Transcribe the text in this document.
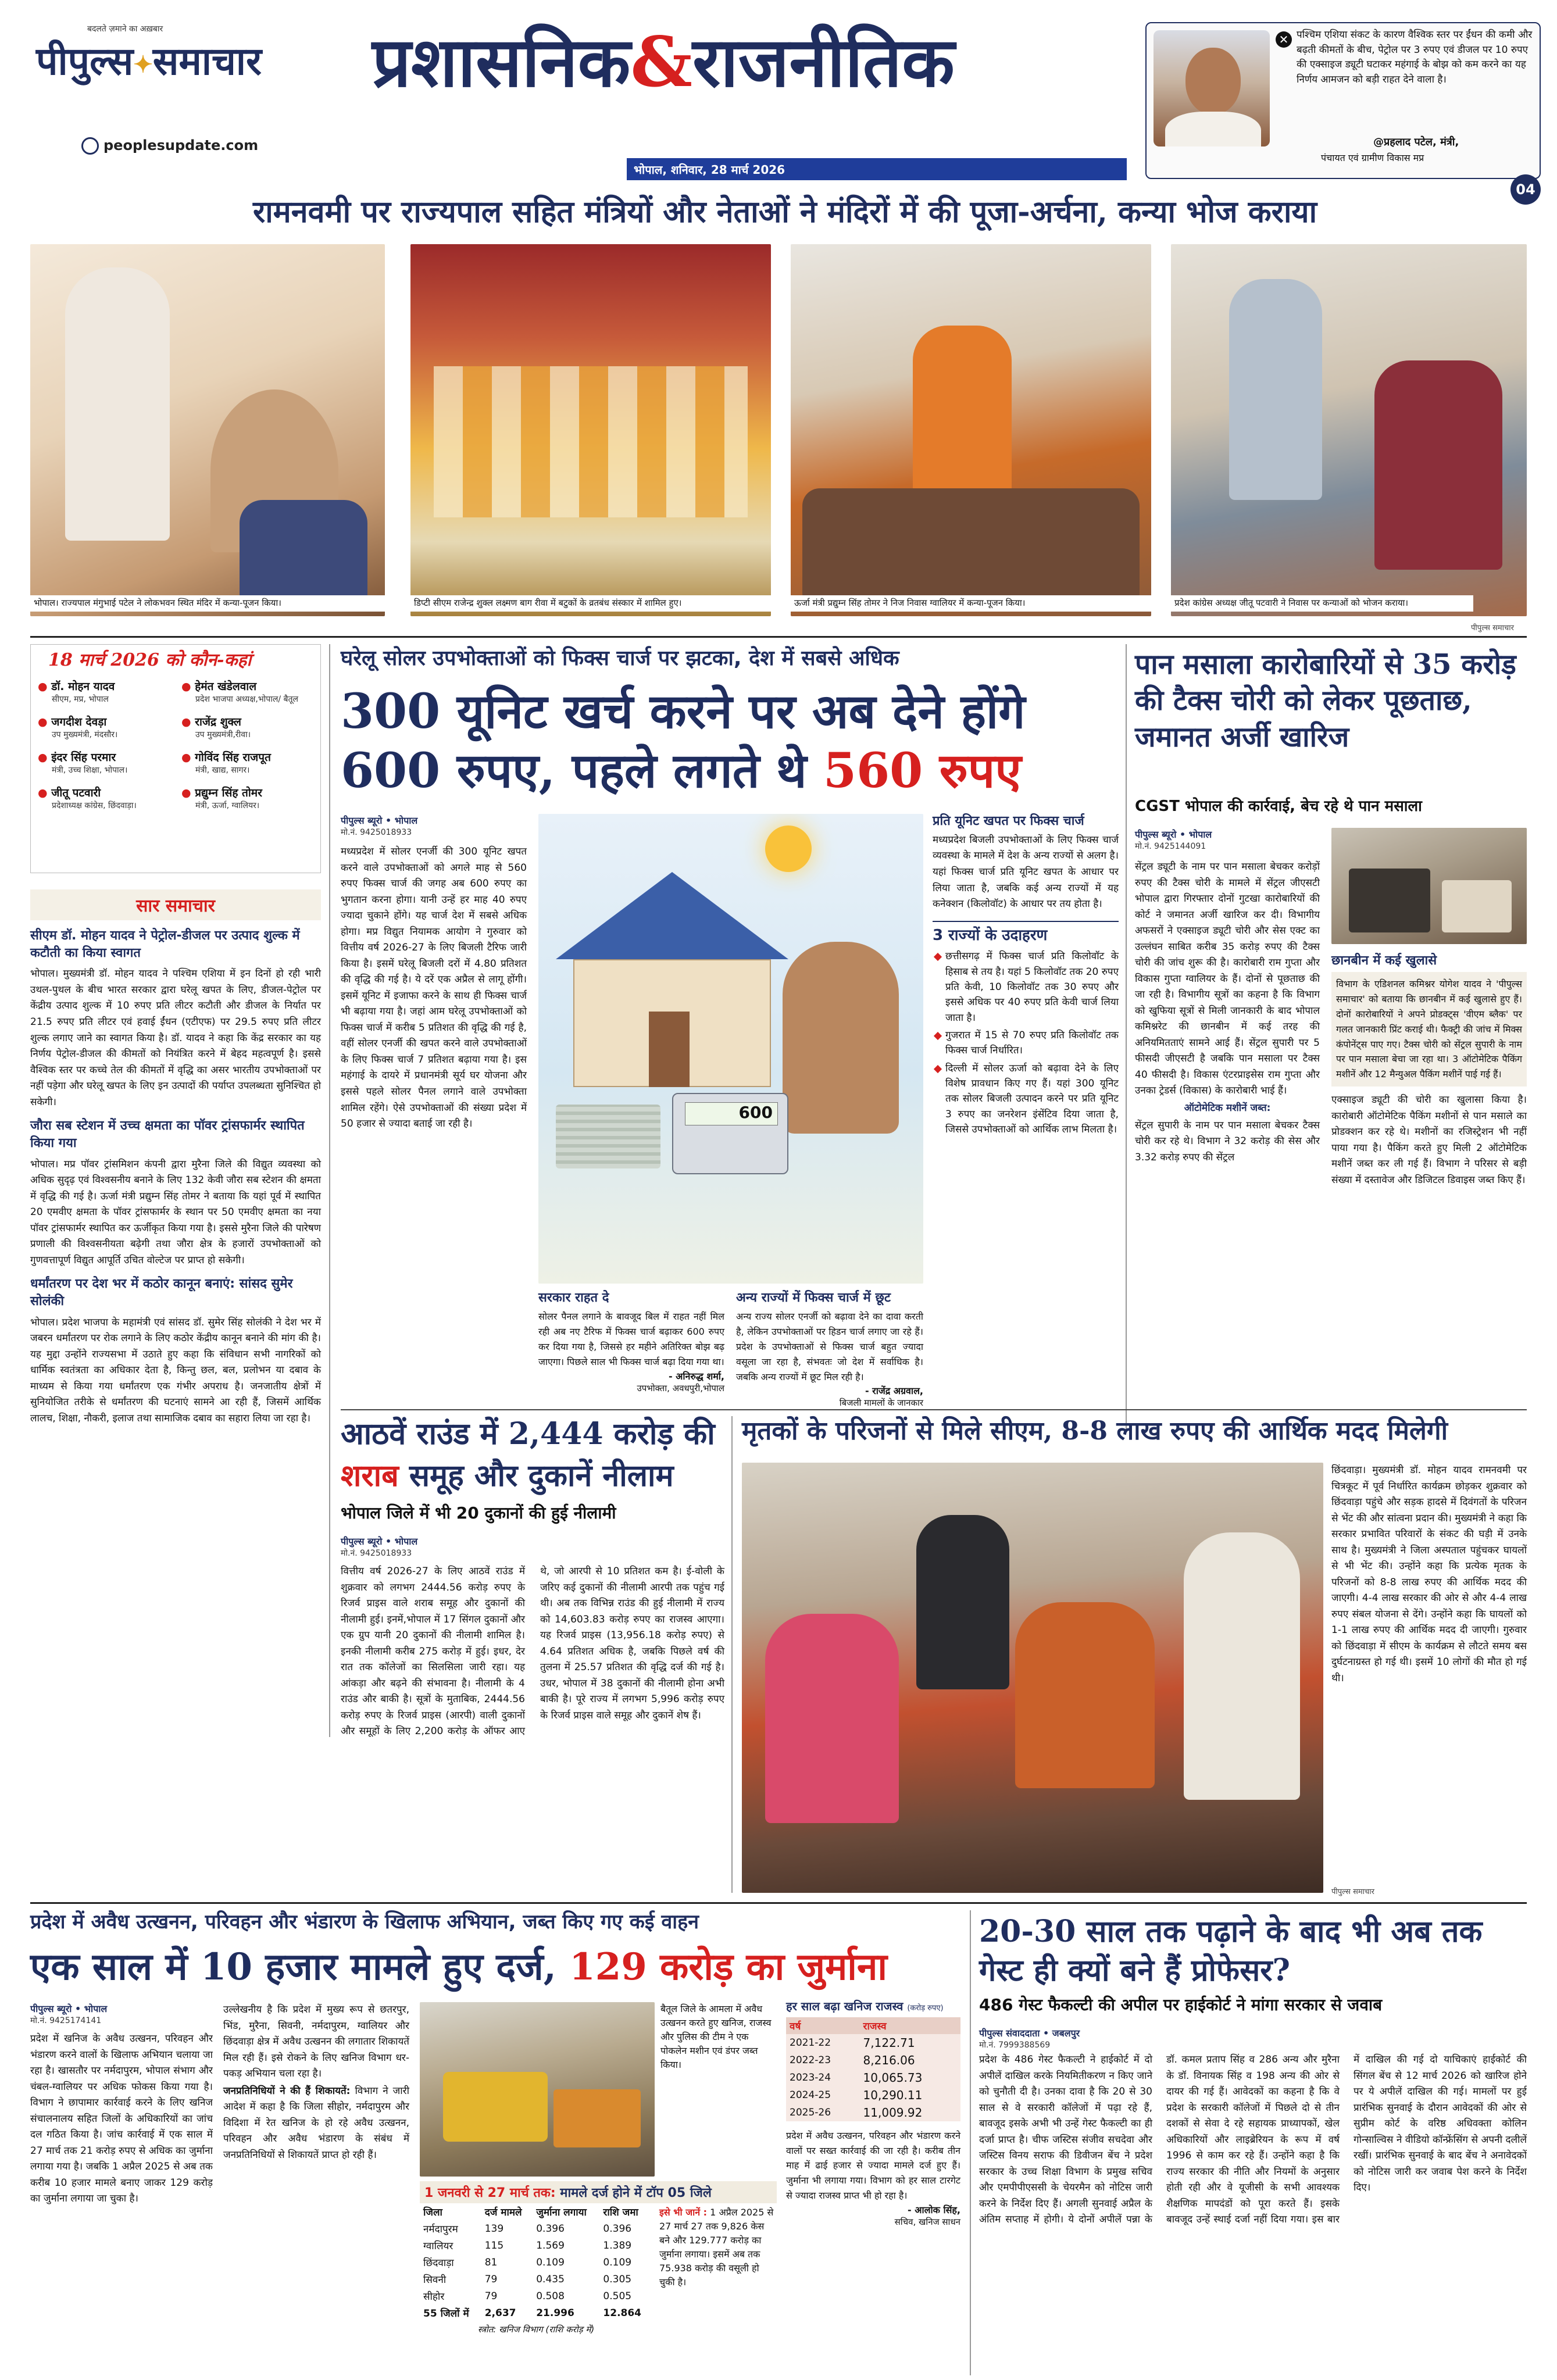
बदलते ज़माने का अख़बार
पीपुल्स✦समाचार
peoplesupdate.com
प्रशासनिक&राजनीतिक
भोपाल, शनिवार, 28 मार्च 2026
✕ पश्चिम एशिया संकट के कारण वैश्विक स्तर पर ईंधन की कमी और बढ़ती कीमतों के बीच, पेट्रोल पर 3 रुपए एवं डीजल पर 10 रुपए की एक्साइज ड्यूटी घटाकर महंगाई के बोझ को कम करने का यह निर्णय आमजन को बड़ी राहत देने वाला है।
@प्रहलाद पटेल, मंत्री,
पंचायत एवं ग्रामीण विकास मप्र
04
रामनवमी पर राज्यपाल सहित मंत्रियों और नेताओं ने मंदिरों में की पूजा-अर्चना, कन्या भोज कराया
भोपाल। राज्यपाल मंगुभाई पटेल ने लोकभवन स्थित मंदिर में कन्या-पूजन किया।	डिप्टी सीएम राजेन्द्र शुक्ल लक्ष्मण बाग रीवा में बटुकों के व्रतबंध संस्कार में शामिल हुए।	ऊर्जा मंत्री प्रद्युम्न सिंह तोमर ने निज निवास ग्वालियर में कन्या-पूजन किया।	प्रदेश कांग्रेस अध्यक्ष जीतू पटवारी ने निवास पर कन्याओं को भोजन कराया।
पीपुल्स समाचार
18 मार्च 2026 को कौन-कहां
● डॉ. मोहन यादव
सीएम, मप्र, भोपाल
● हेमंत खंडेलवाल
प्रदेश भाजपा अध्यक्ष,भोपाल/ बैतूल
● जगदीश देवड़ा
उप मुख्यमंत्री, मंदसौर।
● राजेंद्र शुक्ल
उप मुख्यमंत्री,रीवा।
● इंदर सिंह परमार
मंत्री, उच्च शिक्षा, भोपाल।
● गोविंद सिंह राजपूत
मंत्री, खाद्य, सागर।
● जीतू पटवारी
प्रदेशाध्यक्ष कांग्रेस, छिंदवाड़ा।
● प्रद्युम्न सिंह तोमर
मंत्री, ऊर्जा, ग्वालियर।
सार समाचार
सीएम डॉ. मोहन यादव ने पेट्रोल-डीजल पर उत्पाद शुल्क में कटौती का किया स्वागत
भोपाल। मुख्यमंत्री डॉ. मोहन यादव ने पश्चिम एशिया में इन दिनों हो रही भारी उथल-पुथल के बीच भारत सरकार द्वारा घरेलू खपत के लिए, डीजल-पेट्रोल पर केंद्रीय उत्पाद शुल्क में 10 रुपए प्रति लीटर कटौती और डीजल के निर्यात पर 21.5 रुपए प्रति लीटर एवं हवाई ईंधन (एटीएफ) पर 29.5 रुपए प्रति लीटर शुल्क लगाए जाने का स्वागत किया है। डॉ. यादव ने कहा कि केंद्र सरकार का यह निर्णय पेट्रोल-डीजल की कीमतों को नियंत्रित करने में बेहद महत्वपूर्ण है। इससे वैश्विक स्तर पर कच्चे तेल की कीमतों में वृद्धि का असर भारतीय उपभोक्ताओं पर नहीं पड़ेगा और घरेलू खपत के लिए इन उत्पादों की पर्याप्त उपलब्धता सुनिश्चित हो सकेगी।
जौरा सब स्टेशन में उच्च क्षमता का पॉवर ट्रांसफार्मर स्थापित किया गया
भोपाल। मप्र पॉवर ट्रांसमिशन कंपनी द्वारा मुरैना जिले की विद्युत व्यवस्था को अधिक सुदृढ़ एवं विश्वसनीय बनाने के लिए 132 केवी जौरा सब स्टेशन की क्षमता में वृद्धि की गई है। ऊर्जा मंत्री प्रद्युम्न सिंह तोमर ने बताया कि यहां पूर्व में स्थापित 20 एमवीए क्षमता के पॉवर ट्रांसफार्मर के स्थान पर 50 एमवीए क्षमता का नया पॉवर ट्रांसफार्मर स्थापित कर ऊर्जीकृत किया गया है। इससे मुरैना जिले की पारेषण प्रणाली की विश्वसनीयता बढ़ेगी तथा जौरा क्षेत्र के हजारों उपभोक्ताओं को गुणवत्तापूर्ण विद्युत आपूर्ति उचित वोल्टेज पर प्राप्त हो सकेगी।
धर्मांतरण पर देश भर में कठोर कानून बनाएं: सांसद सुमेर सोलंकी
भोपाल। प्रदेश भाजपा के महामंत्री एवं सांसद डॉ. सुमेर सिंह सोलंकी ने देश भर में जबरन धर्मांतरण पर रोक लगाने के लिए कठोर केंद्रीय कानून बनाने की मांग की है। यह मुद्दा उन्होंने राज्यसभा में उठाते हुए कहा कि संविधान सभी नागरिकों को धार्मिक स्वतंत्रता का अधिकार देता है, किन्तु छल, बल, प्रलोभन या दबाव के माध्यम से किया गया धर्मांतरण एक गंभीर अपराध है। जनजातीय क्षेत्रों में सुनियोजित तरीके से धर्मांतरण की घटनाएं सामने आ रही हैं, जिसमें आर्थिक लालच, शिक्षा, नौकरी, इलाज तथा सामाजिक दबाव का सहारा लिया जा रहा है।
घरेलू सोलर उपभोक्ताओं को फिक्स चार्ज पर झटका, देश में सबसे अधिक
300 यूनिट खर्च करने पर अब देने होंगे
600 रुपए, पहले लगते थे 560 रुपए
पीपुल्स ब्यूरो • भोपाल
मो.नं. 9425018933
मध्यप्रदेश में सोलर एनर्जी की 300 यूनिट खपत करने वाले उपभोक्ताओं को अगले माह से 560 रुपए फिक्स चार्ज की जगह अब 600 रुपए का भुगतान करना होगा। यानी उन्हें हर माह 40 रुपए ज्यादा चुकाने होंगे। यह चार्ज देश में सबसे अधिक होगा। मप्र विद्युत नियामक आयोग ने गुरुवार को वित्तीय वर्ष 2026-27 के लिए बिजली टैरिफ जारी किया है। इसमें घरेलू बिजली दरों में 4.80 प्रतिशत की वृद्धि की गई है। ये दरें एक अप्रैल से लागू होंगी। इसमें यूनिट में इजाफा करने के साथ ही फिक्स चार्ज भी बढ़ाया गया है। जहां आम घरेलू उपभोक्ताओं को फिक्स चार्ज में करीब 5 प्रतिशत की वृद्धि की गई है, वहीं सोलर एनर्जी की खपत करने वाले उपभोक्ताओं के लिए फिक्स चार्ज 7 प्रतिशत बढ़ाया गया है। इस महंगाई के दायरे में प्रधानमंत्री सूर्य घर योजना और इससे पहले सोलर पैनल लगाने वाले उपभोक्ता शामिल रहेंगे। ऐसे उपभोक्ताओं की संख्या प्रदेश में 50 हजार से ज्यादा बताई जा रही है।
600
सरकार राहत दे
सोलर पैनल लगाने के बावजूद बिल में राहत नहीं मिल रही अब नए टैरिफ में फिक्स चार्ज बढ़ाकर 600 रुपए कर दिया गया है, जिससे हर महीने अतिरिक्त बोझ बढ़ जाएगा। पिछले साल भी फिक्स चार्ज बढ़ा दिया गया था।
- अनिरुद्ध शर्मा,
उपभोक्ता, अवधपुरी,भोपाल
अन्य राज्यों में फिक्स चार्ज में छूट
अन्य राज्य सोलर एनर्जी को बढ़ावा देने का दावा करती है, लेकिन उपभोक्ताओं पर हिडन चार्ज लगाए जा रहे हैं। प्रदेश के उपभोक्ताओं से फिक्स चार्ज बहुत ज्यादा वसूला जा रहा है, संभवतः जो देश में सर्वाधिक है। जबकि अन्य राज्यों में छूट मिल रही है।
- राजेंद्र अग्रवाल,
बिजली मामलों के जानकार
प्रति यूनिट खपत पर फिक्स चार्ज
मध्यप्रदेश बिजली उपभोक्ताओं के लिए फिक्स चार्ज व्यवस्था के मामले में देश के अन्य राज्यों से अलग है। यहां फिक्स चार्ज प्रति यूनिट खपत के आधार पर लिया जाता है, जबकि कई अन्य राज्यों में यह कनेक्शन (किलोवॉट) के आधार पर तय होता है।
3 राज्यों के उदाहरण
छत्तीसगढ़ में फिक्स चार्ज प्रति किलोवॉट के हिसाब से तय है। यहां 5 किलोवॉट तक 20 रुपए प्रति केवी, 10 किलोवॉट तक 30 रुपए और इससे अधिक पर 40 रुपए प्रति केवी चार्ज लिया जाता है।
गुजरात में 15 से 70 रुपए प्रति किलोवॉट तक फिक्स चार्ज निर्धारित।
दिल्ली में सोलर ऊर्जा को बढ़ावा देने के लिए विशेष प्रावधान किए गए हैं। यहां 300 यूनिट तक सोलर बिजली उत्पादन करने पर प्रति यूनिट 3 रुपए का जनरेशन इंसेंटिव दिया जाता है, जिससे उपभोक्ताओं को आर्थिक लाभ मिलता है।
पान मसाला कारोबारियों से 35 करोड़ की टैक्स चोरी को लेकर पूछताछ, जमानत अर्जी खारिज
CGST भोपाल की कार्रवाई, बेच रहे थे पान मसाला
पीपुल्स ब्यूरो • भोपाल
मो.नं. 9425144091

सेंट्रल ड्यूटी के नाम पर पान मसाला बेचकर करोड़ों रुपए की टैक्स चोरी के मामले में सेंट्रल जीएसटी भोपाल द्वारा गिरफ्तार दोनों गुटखा कारोबारियों की कोर्ट ने जमानत अर्जी खारिज कर दी। विभागीय अफसरों ने एक्साइज ड्यूटी चोरी और सेस एक्ट का उल्लंघन साबित करीब 35 करोड़ रुपए की टैक्स चोरी की जांच शुरू की है। कारोबारी राम गुप्ता और विकास गुप्ता ग्वालियर के हैं। दोनों से पूछताछ की जा रही है। विभागीय सूत्रों का कहना है कि विभाग को खुफिया सूत्रों से मिली जानकारी के बाद भोपाल कमिश्नरेट की छानबीन में कई तरह की अनियमितताएं सामने आई हैं। सेंट्रल सुपारी पर 5 फीसदी जीएसटी है जबकि पान मसाला पर टैक्स 40 फीसदी है। विकास एंटरप्राइसेस राम गुप्ता और उनका ट्रेडर्स (विकास) के कारोबारी भाई हैं।

ऑटोमेटिक मशीनें जब्त:

सेंट्रल सुपारी के नाम पर पान मसाला बेचकर टैक्स चोरी कर रहे थे। विभाग ने 32 करोड़ की सेस और 3.32 करोड़ रुपए की सेंट्रल

छानबीन में कई खुलासे
विभाग के एडिशनल कमिश्नर योगेश यादव ने 'पीपुल्स समाचार' को बताया कि छानबीन में कई खुलासे हुए हैं। दोनों कारोबारियों ने अपने प्रोडक्ट्स 'वीएम ब्लैक' पर गलत जानकारी प्रिंट कराई थी। फैक्ट्री की जांच में मिक्स कंपोनेंट्स पाए गए। टैक्स चोरी को सेंट्रल सुपारी के नाम पर पान मसाला बेचा जा रहा था। 3 ऑटोमेटिक पैकिंग मशीनें और 12 मैन्युअल पैकिंग मशीनें पाई गई हैं।
एक्साइज ड्यूटी की चोरी का खुलासा किया है। कारोबारी ऑटोमेटिक पैकिंग मशीनों से पान मसाले का प्रोडक्शन कर रहे थे। मशीनों का रजिस्ट्रेशन भी नहीं पाया गया है। पैकिंग करते हुए मिली 2 ऑटोमेटिक मशीनें जब्त कर ली गई हैं। विभाग ने परिसर से बड़ी संख्या में दस्तावेज और डिजिटल डिवाइस जब्त किए हैं।
आठवें राउंड में 2,444 करोड़ की
शराब समूह और दुकानें नीलाम
भोपाल जिले में भी 20 दुकानों की हुई नीलामी
पीपुल्स ब्यूरो • भोपाल
मो.नं. 9425018933
वित्तीय वर्ष 2026-27 के लिए आठवें राउंड में शुक्रवार को लगभग 2444.56 करोड़ रुपए के रिजर्व प्राइस वाले शराब समूह और दुकानों की नीलामी हुई। इनमें,भोपाल में 17 सिंगल दुकानों और एक ग्रुप यानी 20 दुकानों की नीलामी शामिल है। इनकी नीलामी करीब 275 करोड़ में हुई। इधर, देर रात तक कॉलेजों का सिलसिला जारी रहा। यह आंकड़ा और बढ़ने की संभावना है। नीलामी के 4 राउंड और बाकी है। सूत्रों के मुताबिक, 2444.56 करोड़ रुपए के रिजर्व प्राइस (आरपी) वाली दुकानों और समूहों के लिए 2,200 करोड़ के ऑफर आए थे, जो आरपी से 10 प्रतिशत कम है। ई-वोली के जरिए कई दुकानों की नीलामी आरपी तक पहुंच गई थी। अब तक विभिन्न राउंड की हुई नीलामी में राज्य को 14,603.83 करोड़ रुपए का राजस्व आएगा। यह रिजर्व प्राइस (13,956.18 करोड़ रुपए) से 4.64 प्रतिशत अधिक है, जबकि पिछले वर्ष की तुलना में 25.57 प्रतिशत की वृद्धि दर्ज की गई है। उधर, भोपाल में 38 दुकानों की नीलामी होना अभी बाकी है। पूरे राज्य में लगभग 5,996 करोड़ रुपए के रिजर्व प्राइस वाले समूह और दुकानें शेष हैं।
मृतकों के परिजनों से मिले सीएम, 8-8 लाख रुपए की आर्थिक मदद मिलेगी
पीपुल्स समाचार
छिंदवाड़ा। मुख्यमंत्री डॉ. मोहन यादव रामनवमी पर चित्रकूट में पूर्व निर्धारित कार्यक्रम छोड़कर शुक्रवार को छिंदवाड़ा पहुंचे और सड़क हादसे में दिवंगतों के परिजन से भेंट की और सांत्वना प्रदान की। मुख्यमंत्री ने कहा कि सरकार प्रभावित परिवारों के संकट की घड़ी में उनके साथ है। मुख्यमंत्री ने जिला अस्पताल पहुंचकर घायलों से भी भेंट की। उन्होंने कहा कि प्रत्येक मृतक के परिजनों को 8-8 लाख रुपए की आर्थिक मदद की जाएगी। 4-4 लाख सरकार की ओर से और 4-4 लाख रुपए संबल योजना से देंगे। उन्होंने कहा कि घायलों को 1-1 लाख रुपए की आर्थिक मदद दी जाएगी। गुरुवार को छिंदवाड़ा में सीएम के कार्यक्रम से लौटते समय बस दुर्घटनाग्रस्त हो गई थी। इसमें 10 लोगों की मौत हो गई थी।
प्रदेश में अवैध उत्खनन, परिवहन और भंडारण के खिलाफ अभियान, जब्त किए गए कई वाहन
एक साल में 10 हजार मामले हुए दर्ज, 129 करोड़ का जुर्माना
पीपुल्स ब्यूरो • भोपाल
मो.नं. 9425174141
प्रदेश में खनिज के अवैध उत्खनन, परिवहन और भंडारण करने वालों के खिलाफ अभियान चलाया जा रहा है। खासतौर पर नर्मदापुरम, भोपाल संभाग और चंबल-ग्वालियर पर अधिक फोकस किया गया है। विभाग ने छापामार कार्रवाई करने के लिए खनिज संचालनालय सहित जिलों के अधिकारियों का जांच दल गठित किया है। जांच कार्रवाई में एक साल में 27 मार्च तक 21 करोड़ रुपए से अधिक का जुर्माना लगाया गया है। जबकि 1 अप्रैल 2025 से अब तक करीब 10 हजार मामले बनाए जाकर 129 करोड़ का जुर्माना लगाया जा चुका है।

उल्लेखनीय है कि प्रदेश में मुख्य रूप से छतरपुर, भिंड, मुरैना, सिवनी, नर्मदापुरम, ग्वालियर और छिंदवाड़ा क्षेत्र में अवैध उत्खनन की लगातार शिकायतें मिल रही हैं। इसे रोकने के लिए खनिज विभाग धर-पकड़ अभियान चला रहा है।

जनप्रतिनिधियों ने की हैं शिकायतें: विभाग ने जारी आदेश में कहा है कि जिला सीहोर, नर्मदापुरम और विदिशा में रेत खनिज के हो रहे अवैध उत्खनन, परिवहन और अवैध भंडारण के संबंध में जनप्रतिनिधियों से शिकायतें प्राप्त हो रही हैं।

बैतूल जिले के आमला में अवैध उत्खनन करते हुए खनिज, राजस्व और पुलिस की टीम ने एक पोकलेन मशीन एवं डंपर जब्त किया।
1 जनवरी से 27 मार्च तक: मामले दर्ज होने में टॉप 05 जिले
जिला	दर्ज मामले	जुर्माना लगाया	राशि जमा
नर्मदापुरम	139	0.396	0.396
ग्वालियर	115	1.569	1.389
छिंदवाड़ा	81	0.109	0.109
सिवनी	79	0.435	0.305
सीहोर	79	0.508	0.505
55 जिलों में	2,637	21.996	12.864
स्त्रोत: खनिज विभाग (राशि करोड़ में)
इसे भी जानें : 1 अप्रैल 2025 से 27 मार्च 27 तक 9,826 केस बने और 129.777 करोड़ का जुर्माना लगाया। इसमें अब तक 75.938 करोड़ की वसूली हो चुकी है।
हर साल बढ़ा खनिज राजस्व (करोड़ रुपए)
वर्ष	राजस्व
2021-22	7,122.71
2022-23	8,216.06
2023-24	10,065.73
2024-25	10,290.11
2025-26	11,009.92
प्रदेश में अवैध उत्खनन, परिवहन और भंडारण करने वालों पर सख्त कार्रवाई की जा रही है। करीब तीन माह में ढाई हजार से ज्यादा मामले दर्ज हुए हैं। जुर्माना भी लगाया गया। विभाग को हर साल टारगेट से ज्यादा राजस्व प्राप्त भी हो रहा है।
- आलोक सिंह,
सचिव, खनिज साधन
20-30 साल तक पढ़ाने के बाद भी अब तक गेस्ट ही क्यों बने हैं प्रोफेसर?
486 गेस्ट फैकल्टी की अपील पर हाईकोर्ट ने मांगा सरकार से जवाब
पीपुल्स संवाददाता • जबलपुर
मो.नं. 7999388569
प्रदेश के 486 गेस्ट फैकल्टी ने हाईकोर्ट में दो अपीलें दाखिल करके नियमितीकरण न किए जाने को चुनौती दी है। उनका दावा है कि 20 से 30 साल से वे सरकारी कॉलेजों में पढ़ा रहे हैं, बावजूद इसके अभी भी उन्हें गेस्ट फैकल्टी का ही दर्जा प्राप्त है। चीफ जस्टिस संजीव सचदेवा और जस्टिस विनय सराफ की डिवीजन बेंच ने प्रदेश सरकार के उच्च शिक्षा विभाग के प्रमुख सचिव और एमपीपीएससी के चेयरमैन को नोटिस जारी करने के निर्देश दिए हैं। अगली सुनवाई अप्रैल के अंतिम सप्ताह में होगी। ये दोनों अपीलें पन्ना के डॉ. कमल प्रताप सिंह व 286 अन्य और मुरैना के डॉ. विनायक सिंह व 198 अन्य की ओर से दायर की गई हैं। आवेदकों का कहना है कि वे प्रदेश के सरकारी कॉलेजों में पिछले दो से तीन दशकों से सेवा दे रहे सहायक प्राध्यापकों, खेल अधिकारियों और लाइब्रेरियन के रूप में वर्ष 1996 से काम कर रहे हैं। उन्होंने कहा है कि राज्य सरकार की नीति और नियमों के अनुसार होती रही और वे यूजीसी के सभी आवश्यक शैक्षणिक मापदंडों को पूरा करते हैं। इसके बावजूद उन्हें स्थाई दर्जा नहीं दिया गया। इस बार में दाखिल की गई दो याचिकाएं हाईकोर्ट की सिंगल बेंच से 12 मार्च 2026 को खारिज होने पर ये अपीलें दाखिल की गई। मामलों पर हुई प्रारंभिक सुनवाई के दौरान आवेदकों की ओर से सुप्रीम कोर्ट के वरिष्ठ अधिवक्ता कोलिन गोन्साल्विस ने वीडियो कॉन्फ्रेंसिंग से अपनी दलीलें रखीं। प्रारंभिक सुनवाई के बाद बेंच ने अनावेदकों को नोटिस जारी कर जवाब पेश करने के निर्देश दिए।
